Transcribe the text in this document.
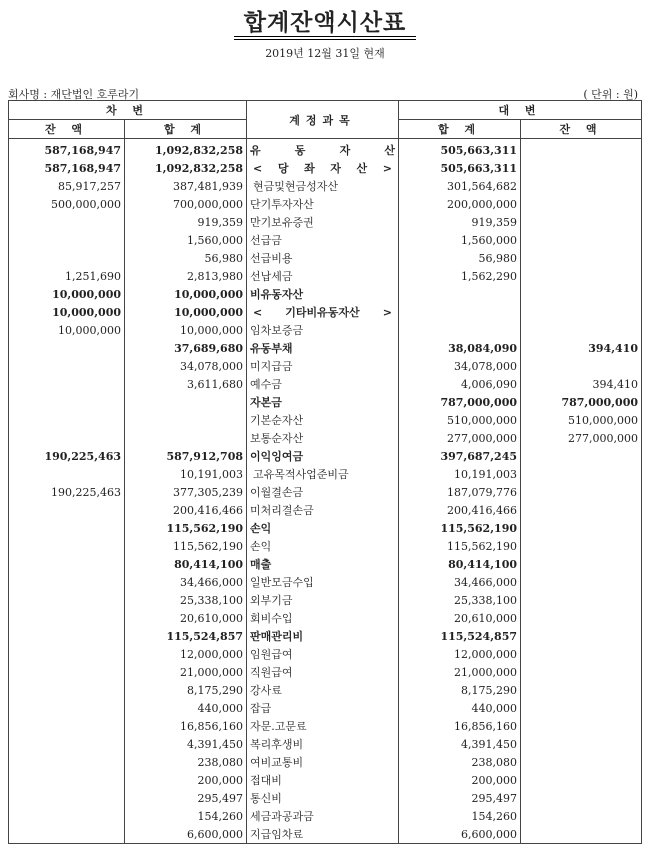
합계잔액시산표
2019년 12월 31일 현재
회사명 : 재단법인 호루라기	( 단위 : 원)
차 변		계정과목	대 변	
잔 액	합 계		합 계	잔 액
587,168,947	1,092,832,258	유 동 자 산	505,663,311	
587,168,947	1,092,832,258	< 당 좌 자 산 >	505,663,311	
85,917,257	387,481,939	현금및현금성자산	301,564,682	
500,000,000	700,000,000	단기투자자산	200,000,000	
	919,359	만기보유증권	919,359	
	1,560,000	선급금	1,560,000	
	56,980	선급비용	56,980	
1,251,690	2,813,980	선납세금	1,562,290	
10,000,000	10,000,000	비유동자산		
10,000,000	10,000,000	< 기타비유동자산 >		
10,000,000	10,000,000	임차보증금		
	37,689,680	유동부채	38,084,090	394,410
	34,078,000	미지급금	34,078,000	
	3,611,680	예수금	4,006,090	394,410
		자본금	787,000,000	787,000,000
		기본순자산	510,000,000	510,000,000
		보통순자산	277,000,000	277,000,000
190,225,463	587,912,708	이익잉여금	397,687,245	
	10,191,003	고유목적사업준비금	10,191,003	
190,225,463	377,305,239	이월결손금	187,079,776	
	200,416,466	미처리결손금	200,416,466	
	115,562,190	손익	115,562,190	
	115,562,190	손익	115,562,190	
	80,414,100	매출	80,414,100	
	34,466,000	일반모금수입	34,466,000	
	25,338,100	외부기금	25,338,100	
	20,610,000	회비수입	20,610,000	
	115,524,857	판매관리비	115,524,857	
	12,000,000	임원급여	12,000,000	
	21,000,000	직원급여	21,000,000	
	8,175,290	강사료	8,175,290	
	440,000	잡급	440,000	
	16,856,160	자문.고문료	16,856,160	
	4,391,450	복리후생비	4,391,450	
	238,080	여비교통비	238,080	
	200,000	접대비	200,000	
	295,497	통신비	295,497	
	154,260	세금과공과금	154,260	
	6,600,000	지급임차료	6,600,000	
